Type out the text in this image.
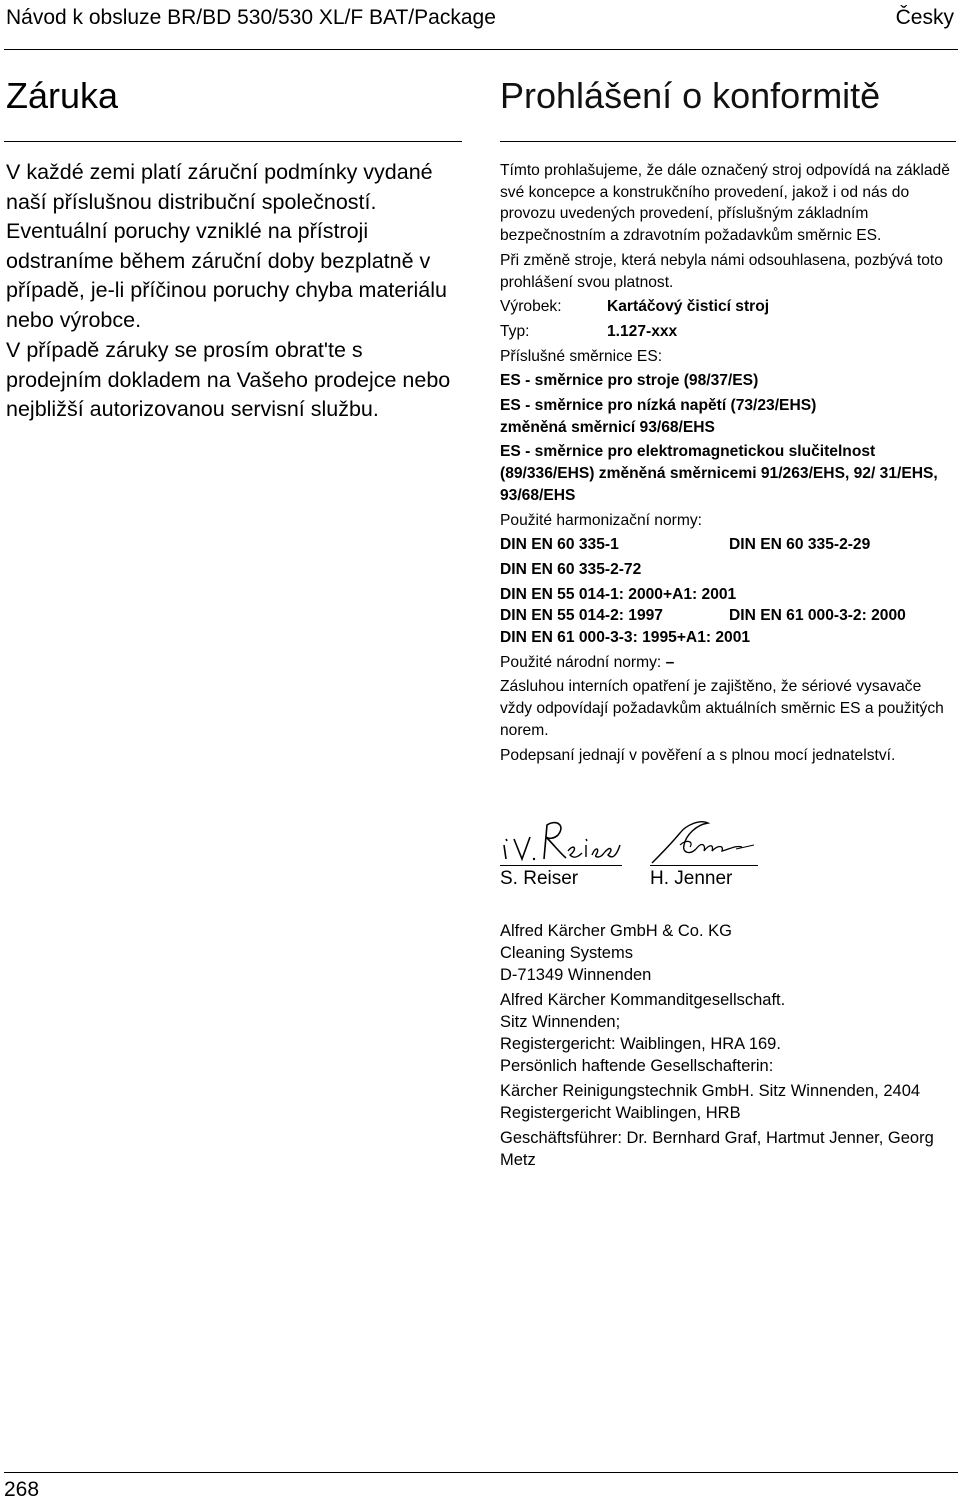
Návod k obsluze BR/BD 530/530 XL/F BAT/Package	Česky
Záruka

V každé zemi platí záruční podmínky vydané naší příslušnou distribuční společností. Eventuální poruchy vzniklé na přístroji odstraníme během záruční doby bezplatně v případě, je-li příčinou poruchy chyba materiálu nebo výrobce.

V případě záruky se prosím obrat'te s prodejním dokladem na Vašeho prodejce nebo nejbližší autorizovanou servisní službu.

Prohlášení o konformitě

Tímto prohlašujeme, že dále označený stroj odpovídá na základě své koncepce a konstrukčního provedení, jakož i od nás do provozu uvedených provedení, příslušným základním bezpečnostním a zdravotním požadavkům směrnic ES.

Při změně stroje, která nebyla námi odsouhlasena, pozbývá toto prohlášení svou platnost.

Výrobek:	Kartáčový čisticí stroj
Typ:	1.127-xxx

Příslušné směrnice ES:

ES - směrnice pro stroje (98/37/ES)

ES - směrnice pro nízká napětí (73/23/EHS)

změněná směrnicí 93/68/EHS

ES - směrnice pro elektromagnetickou slučitelnost (89/336/EHS) změněná směrnicemi 91/263/EHS, 92/ 31/EHS, 93/68/EHS

Použité harmonizační normy:

DIN EN 60 335-1	DIN EN 60 335-2-29

DIN EN 60 335-2-72

DIN EN 55 014-1: 2000+A1: 2001

DIN EN 55 014-2: 1997	DIN EN 61 000-3-2: 2000

DIN EN 61 000-3-3: 1995+A1: 2001

Použité národní normy: –

Zásluhou interních opatření je zajištěno, že sériové vysavače vždy odpovídají požadavkům aktuálních směrnic ES a použitých norem.

Podepsaní jednají v pověření a s plnou mocí jednatelství.

S. Reiser	H. Jenner

Alfred Kärcher GmbH & Co. KG

Cleaning Systems

D-71349 Winnenden

Alfred Kärcher Kommanditgesellschaft.

Sitz Winnenden;

Registergericht: Waiblingen, HRA 169.

Persönlich haftende Gesellschafterin:

Kärcher Reinigungstechnik GmbH. Sitz Winnenden, 2404 Registergericht Waiblingen, HRB

Geschäftsführer: Dr. Bernhard Graf, Hartmut Jenner, Georg Metz

268
